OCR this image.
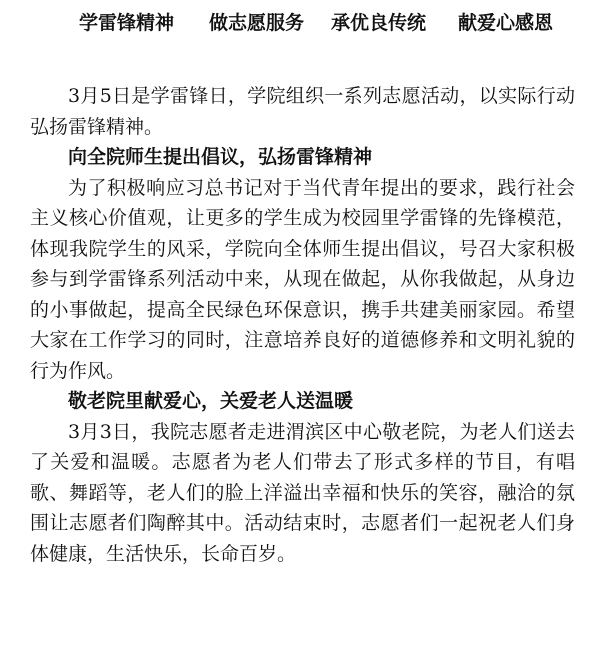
学雷锋精神 做志愿服务 承优良传统 献爱心感恩

3月5日是学雷锋日，学院组织一系列志愿活动，以实际行动弘扬雷锋精神。

向全院师生提出倡议，弘扬雷锋精神

为了积极响应习总书记对于当代青年提出的要求，践行社会主义核心价值观，让更多的学生成为校园里学雷锋的先锋模范，体现我院学生的风采，学院向全体师生提出倡议，号召大家积极参与到学雷锋系列活动中来，从现在做起，从你我做起，从身边的小事做起，提高全民绿色环保意识，携手共建美丽家园。希望大家在工作学习的同时，注意培养良好的道德修养和文明礼貌的行为作风。

敬老院里献爱心，关爱老人送温暖

3月3日，我院志愿者走进渭滨区中心敬老院，为老人们送去了关爱和温暖。志愿者为老人们带去了形式多样的节目，有唱歌、舞蹈等，老人们的脸上洋溢出幸福和快乐的笑容，融洽的氛围让志愿者们陶醉其中。活动结束时，志愿者们一起祝老人们身体健康，生活快乐，长命百岁。
